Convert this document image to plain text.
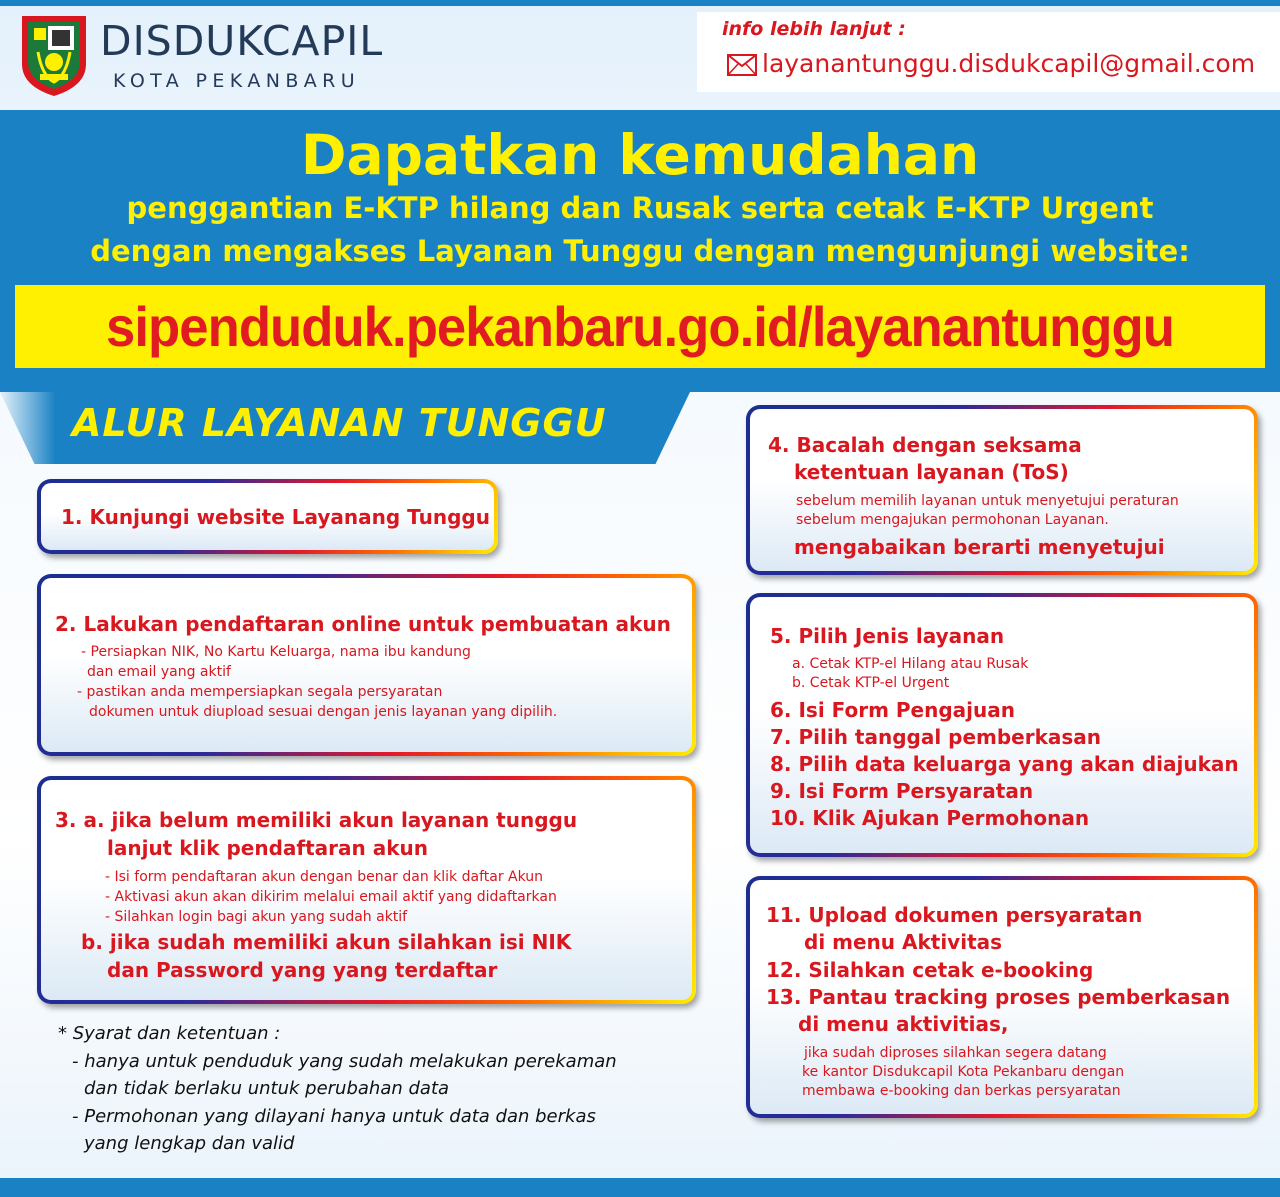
DISDUKCAPIL
KOTA PEKANBARU
info lebih lanjut :
layanantunggu.disdukcapil@gmail.com
Dapatkan kemudahan
penggantian E-KTP hilang dan Rusak serta cetak E-KTP Urgent
dengan mengakses Layanan Tunggu dengan mengunjungi website:
sipenduduk.pekanbaru.go.id/layanantunggu
ALUR LAYANAN TUNGGU
1. Kunjungi website Layanang Tunggu
2. Lakukan pendaftaran online untuk pembuatan akun
- Persiapkan NIK, No Kartu Keluarga, nama ibu kandung
dan email yang aktif
- pastikan anda mempersiapkan segala persyaratan
dokumen untuk diupload sesuai dengan jenis layanan yang dipilih.
3. a. jika belum memiliki akun layanan tunggu
lanjut klik pendaftaran akun
- Isi form pendaftaran akun dengan benar dan klik daftar Akun
- Aktivasi akun akan dikirim melalui email aktif yang didaftarkan
- Silahkan login bagi akun yang sudah aktif
b. jika sudah memiliki akun silahkan isi NIK
dan Password yang yang terdaftar
4. Bacalah dengan seksama
ketentuan layanan (ToS)
sebelum memilih layanan untuk menyetujui peraturan
sebelum mengajukan permohonan Layanan.
mengabaikan berarti menyetujui
5. Pilih Jenis layanan
a. Cetak KTP-el Hilang atau Rusak
b. Cetak KTP-el Urgent
6. Isi Form Pengajuan
7. Pilih tanggal pemberkasan
8. Pilih data keluarga yang akan diajukan
9. Isi Form Persyaratan
10. Klik Ajukan Permohonan
11. Upload dokumen persyaratan
di menu Aktivitas
12. Silahkan cetak e-booking
13. Pantau tracking proses pemberkasan
di menu aktivitias,
jika sudah diproses silahkan segera datang
ke kantor Disdukcapil Kota Pekanbaru dengan
membawa e-booking dan berkas persyaratan
* Syarat dan ketentuan :
- hanya untuk penduduk yang sudah melakukan perekaman
dan tidak berlaku untuk perubahan data
- Permohonan yang dilayani hanya untuk data dan berkas
yang lengkap dan valid
